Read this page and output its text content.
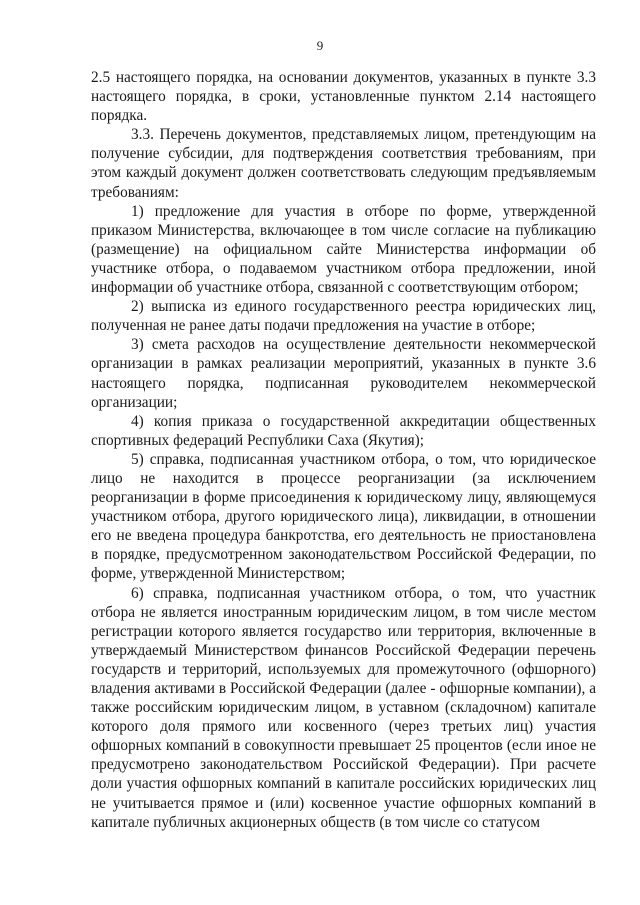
9

2.5 настоящего порядка, на основании документов, указанных в пункте 3.3 настоящего порядка, в сроки, установленные пунктом 2.14 настоящего порядка.

3.3. Перечень документов, представляемых лицом, претендующим на получение субсидии, для подтверждения соответствия требованиям, при этом каждый документ должен соответствовать следующим предъявляемым требованиям:

1) предложение для участия в отборе по форме, утвержденной приказом Министерства, включающее в том числе согласие на публикацию (размещение) на официальном сайте Министерства информации об участнике отбора, о подаваемом участником отбора предложении, иной информации об участнике отбора, связанной с соответствующим отбором;

2) выписка из единого государственного реестра юридических лиц, полученная не ранее даты подачи предложения на участие в отборе;

3) смета расходов на осуществление деятельности некоммерческой организации в рамках реализации мероприятий, указанных в пункте 3.6 настоящего порядка, подписанная руководителем некоммерческой организации;

4) копия приказа о государственной аккредитации общественных спортивных федераций Республики Саха (Якутия);

5) справка, подписанная участником отбора, о том, что юридическое лицо не находится в процессе реорганизации (за исключением реорганизации в форме присоединения к юридическому лицу, являющемуся участником отбора, другого юридического лица), ликвидации, в отношении его не введена процедура банкротства, его деятельность не приостановлена в порядке, предусмотренном законодательством Российской Федерации, по форме, утвержденной Министерством;

6) справка, подписанная участником отбора, о том, что участник отбора не является иностранным юридическим лицом, в том числе местом регистрации которого является государство или территория, включенные в утверждаемый Министерством финансов Российской Федерации перечень государств и территорий, используемых для промежуточного (офшорного) владения активами в Российской Федерации (далее - офшорные компании), а также российским юридическим лицом, в уставном (складочном) капитале которого доля прямого или косвенного (через третьих лиц) участия офшорных компаний в совокупности превышает 25 процентов (если иное не предусмотрено законодательством Российской Федерации). При расчете доли участия офшорных компаний в капитале российских юридических лиц не учитывается прямое и (или) косвенное участие офшорных компаний в капитале публичных акционерных обществ (в том числе со статусом
